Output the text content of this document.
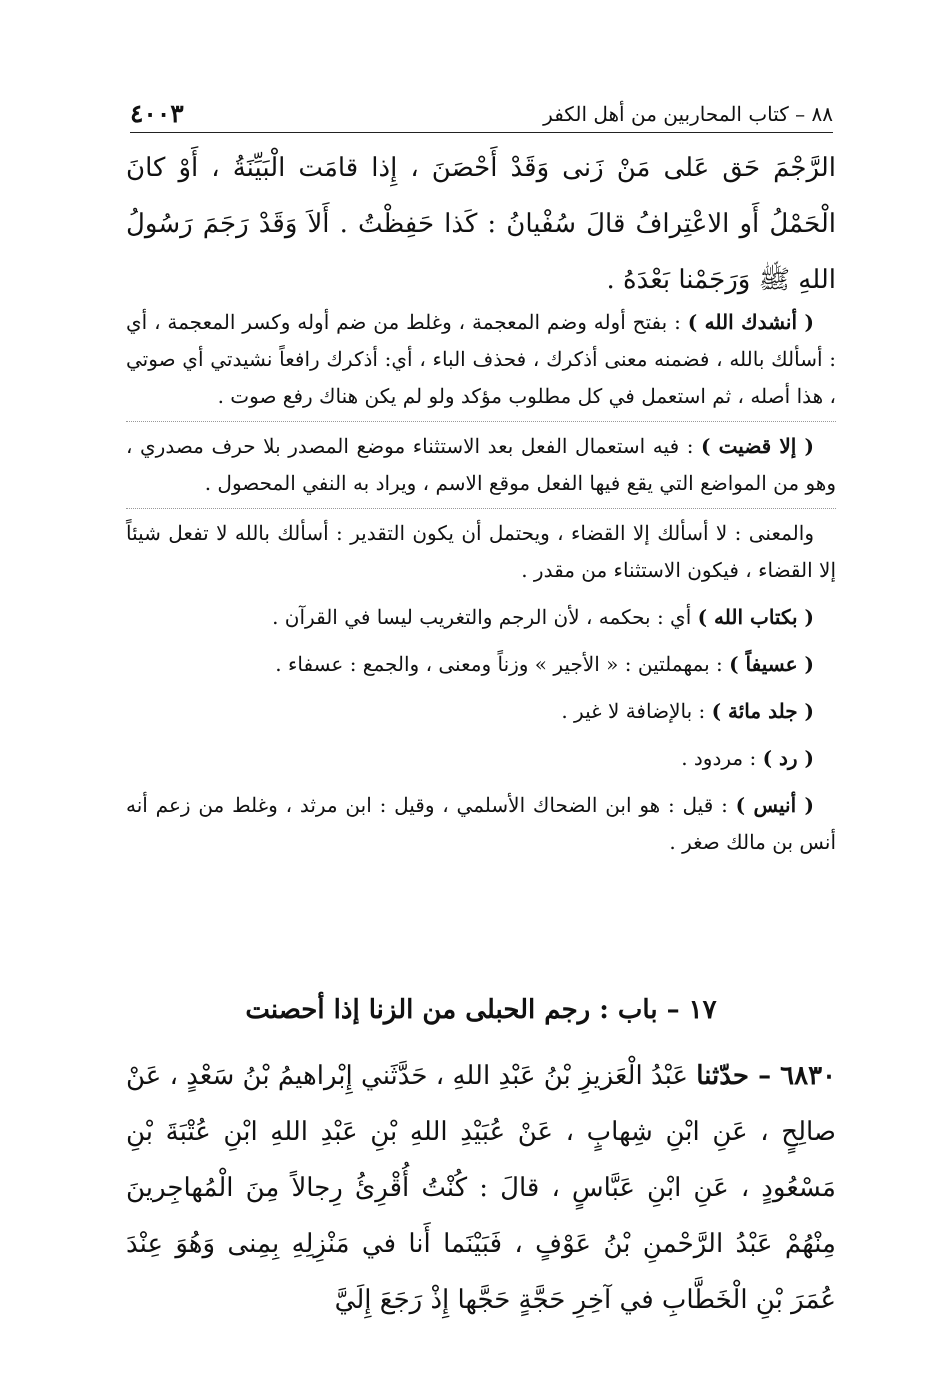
٨٨ – كتاب المحاربين من أهل الكفر
٤٠٠٣
الرَّجْمَ حَق عَلى مَنْ زَنى وَقَدْ أَحْصَنَ ، إِذا قامَت الْبَيِّنَةُ ، أَوْ كانَ الْحَمْلُ أَو الاعْتِرافُ قالَ سُفْيانُ : كَذا حَفِظْتُ . أَلاَ وَقَدْ رَجَمَ رَسُولُ اللهِ ﷺ وَرَجَمْنا بَعْدَهُ .

( أنشدك الله ) : بفتح أوله وضم المعجمة ، وغلط من ضم أوله وكسر المعجمة ، أي : أسألك بالله ، فضمنه معنى أذكرك ، فحذف الباء ، أي: أذكرك رافعاً نشيدتي أي صوتي ، هذا أصله ، ثم استعمل في كل مطلوب مؤكد ولو لم يكن هناك رفع صوت .

( إلا قضيت ) : فيه استعمال الفعل بعد الاستثناء موضع المصدر بلا حرف مصدري ، وهو من المواضع التي يقع فيها الفعل موقع الاسم ، ويراد به النفي المحصول .

والمعنى : لا أسألك إلا القضاء ، ويحتمل أن يكون التقدير : أسألك بالله لا تفعل شيئاً إلا القضاء ، فيكون الاستثناء من مقدر .

( بكتاب الله ) أي : بحكمه ، لأن الرجم والتغريب ليسا في القرآن .

( عسيفاً ) : بمهملتين : « الأجير » وزناً ومعنى ، والجمع : عسفاء .

( جلد مائة ) : بالإضافة لا غير .

( رد ) : مردود .

( أنيس ) : قيل : هو ابن الضحاك الأسلمي ، وقيل : ابن مرثد ، وغلط من زعم أنه أنس بن مالك صغر .

١٧ – باب : رجم الحبلى من الزنا إذا أحصنت
٦٨٣٠ – حدّثنا عَبْدُ الْعَزيزِ بْنُ عَبْدِ اللهِ ، حَدَّثَني إِبْراهيمُ بْنُ سَعْدٍ ، عَنْ صالِحٍ ، عَنِ ابْنِ شِهابٍ ، عَنْ عُبَيْدِ اللهِ بْنِ عَبْدِ اللهِ ابْنِ عُتْبَةَ بْنِ مَسْعُودٍ ، عَنِ ابْنِ عَبَّاسٍ ، قالَ : كُنْتُ أُقْرِئُ رِجالاً مِنَ الْمُهاجِرينَ مِنْهُمْ عَبْدُ الرَّحْمنِ بْنُ عَوْفٍ ، فَبَيْنَما أَنا في مَنْزِلِهِ بِمِنى وَهُوَ عِنْدَ عُمَرَ بْنِ الْخَطَّابِ في آخِرِ حَجَّةٍ حَجَّها إِذْ رَجَعَ إِلَيَّ
